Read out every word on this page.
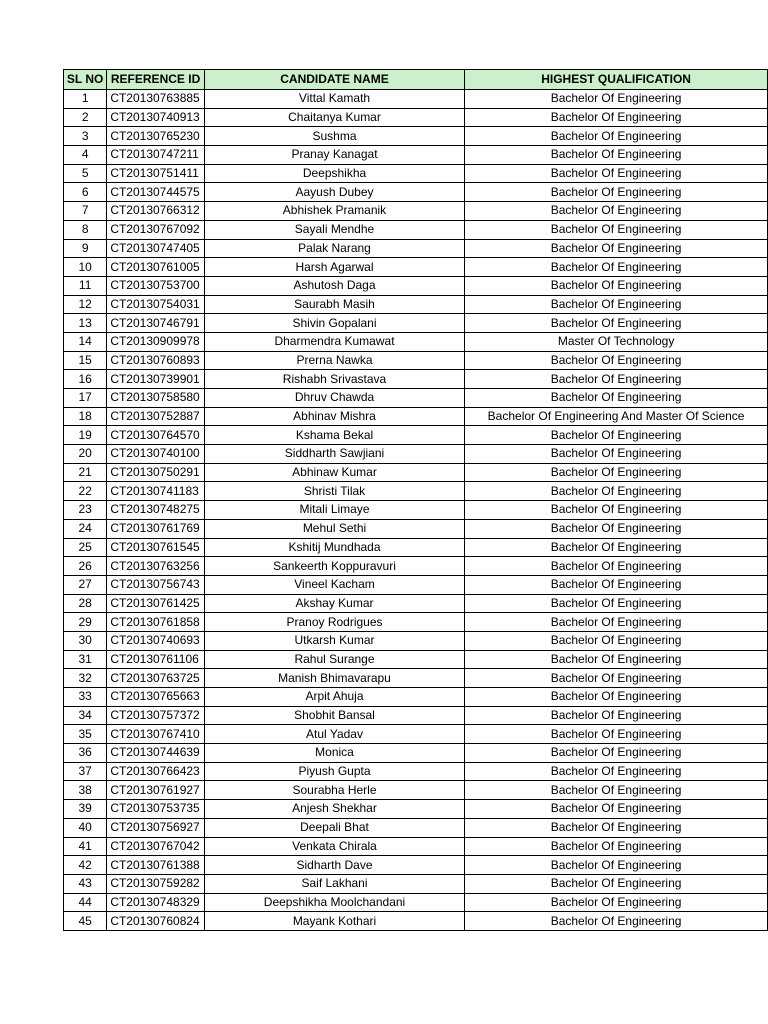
SL NO	REFERENCE ID	CANDIDATE NAME	HIGHEST QUALIFICATION
1	CT20130763885	Vittal Kamath	Bachelor Of Engineering
2	CT20130740913	Chaitanya Kumar	Bachelor Of Engineering
3	CT20130765230	Sushma	Bachelor Of Engineering
4	CT20130747211	Pranay Kanagat	Bachelor Of Engineering
5	CT20130751411	Deepshikha	Bachelor Of Engineering
6	CT20130744575	Aayush Dubey	Bachelor Of Engineering
7	CT20130766312	Abhishek Pramanik	Bachelor Of Engineering
8	CT20130767092	Sayali Mendhe	Bachelor Of Engineering
9	CT20130747405	Palak Narang	Bachelor Of Engineering
10	CT20130761005	Harsh Agarwal	Bachelor Of Engineering
11	CT20130753700	Ashutosh Daga	Bachelor Of Engineering
12	CT20130754031	Saurabh Masih	Bachelor Of Engineering
13	CT20130746791	Shivin Gopalani	Bachelor Of Engineering
14	CT20130909978	Dharmendra Kumawat	Master Of Technology
15	CT20130760893	Prerna Nawka	Bachelor Of Engineering
16	CT20130739901	Rishabh Srivastava	Bachelor Of Engineering
17	CT20130758580	Dhruv Chawda	Bachelor Of Engineering
18	CT20130752887	Abhinav Mishra	Bachelor Of Engineering And Master Of Science
19	CT20130764570	Kshama Bekal	Bachelor Of Engineering
20	CT20130740100	Siddharth Sawjiani	Bachelor Of Engineering
21	CT20130750291	Abhinaw Kumar	Bachelor Of Engineering
22	CT20130741183	Shristi Tilak	Bachelor Of Engineering
23	CT20130748275	Mitali Limaye	Bachelor Of Engineering
24	CT20130761769	Mehul Sethi	Bachelor Of Engineering
25	CT20130761545	Kshitij Mundhada	Bachelor Of Engineering
26	CT20130763256	Sankeerth Koppuravuri	Bachelor Of Engineering
27	CT20130756743	Vineel Kacham	Bachelor Of Engineering
28	CT20130761425	Akshay Kumar	Bachelor Of Engineering
29	CT20130761858	Pranoy Rodrigues	Bachelor Of Engineering
30	CT20130740693	Utkarsh Kumar	Bachelor Of Engineering
31	CT20130761106	Rahul Surange	Bachelor Of Engineering
32	CT20130763725	Manish Bhimavarapu	Bachelor Of Engineering
33	CT20130765663	Arpit Ahuja	Bachelor Of Engineering
34	CT20130757372	Shobhit Bansal	Bachelor Of Engineering
35	CT20130767410	Atul Yadav	Bachelor Of Engineering
36	CT20130744639	Monica	Bachelor Of Engineering
37	CT20130766423	Piyush Gupta	Bachelor Of Engineering
38	CT20130761927	Sourabha Herle	Bachelor Of Engineering
39	CT20130753735	Anjesh Shekhar	Bachelor Of Engineering
40	CT20130756927	Deepali Bhat	Bachelor Of Engineering
41	CT20130767042	Venkata Chirala	Bachelor Of Engineering
42	CT20130761388	Sidharth Dave	Bachelor Of Engineering
43	CT20130759282	Saif Lakhani	Bachelor Of Engineering
44	CT20130748329	Deepshikha Moolchandani	Bachelor Of Engineering
45	CT20130760824	Mayank Kothari	Bachelor Of Engineering
